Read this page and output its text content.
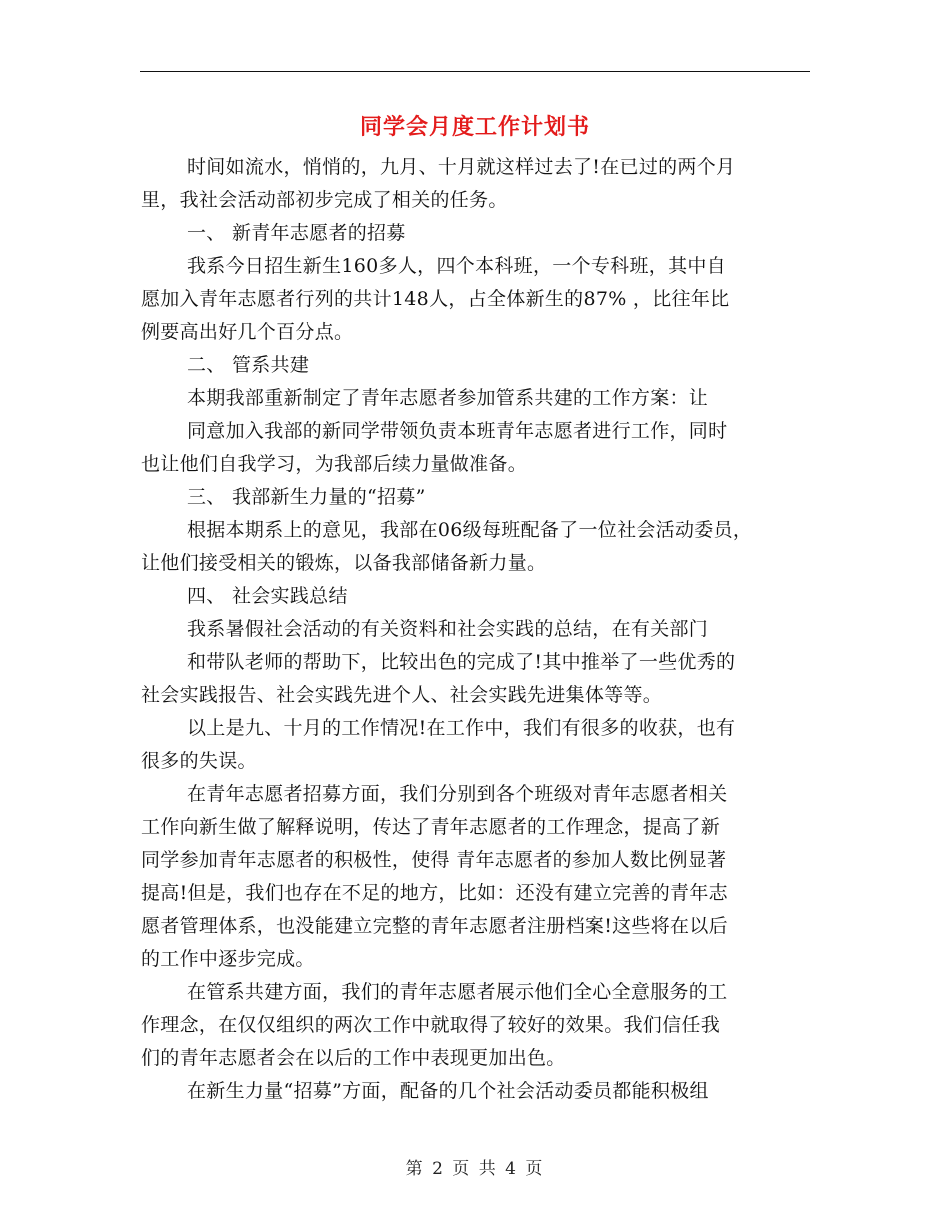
同学会月度工作计划书
时间如流水，悄悄的，九月、十月就这样过去了!在已过的两个月
里，我社会活动部初步完成了相关的任务。
一、 新青年志愿者的招募
我系今日招生新生160多人，四个本科班，一个专科班，其中自
愿加入青年志愿者行列的共计148人，占全体新生的87% ，比往年比
例要高出好几个百分点。
二、 管系共建
本期我部重新制定了青年志愿者参加管系共建的工作方案：让
同意加入我部的新同学带领负责本班青年志愿者进行工作，同时
也让他们自我学习，为我部后续力量做准备。
三、 我部新生力量的“招募”
根据本期系上的意见，我部在06级每班配备了一位社会活动委员，
让他们接受相关的锻炼，以备我部储备新力量。
四、 社会实践总结
我系暑假社会活动的有关资料和社会实践的总结，在有关部门
和带队老师的帮助下，比较出色的完成了!其中推举了一些优秀的
社会实践报告、社会实践先进个人、社会实践先进集体等等。
以上是九、十月的工作情况!在工作中，我们有很多的收获，也有
很多的失误。
在青年志愿者招募方面，我们分别到各个班级对青年志愿者相关
工作向新生做了解释说明，传达了青年志愿者的工作理念，提高了新
同学参加青年志愿者的积极性，使得 青年志愿者的参加人数比例显著
提高!但是，我们也存在不足的地方，比如：还没有建立完善的青年志
愿者管理体系，也没能建立完整的青年志愿者注册档案!这些将在以后
的工作中逐步完成。
在管系共建方面，我们的青年志愿者展示他们全心全意服务的工
作理念，在仅仅组织的两次工作中就取得了较好的效果。我们信任我
们的青年志愿者会在以后的工作中表现更加出色。
在新生力量“招募”方面，配备的几个社会活动委员都能积极组
第 2 页 共 4 页
